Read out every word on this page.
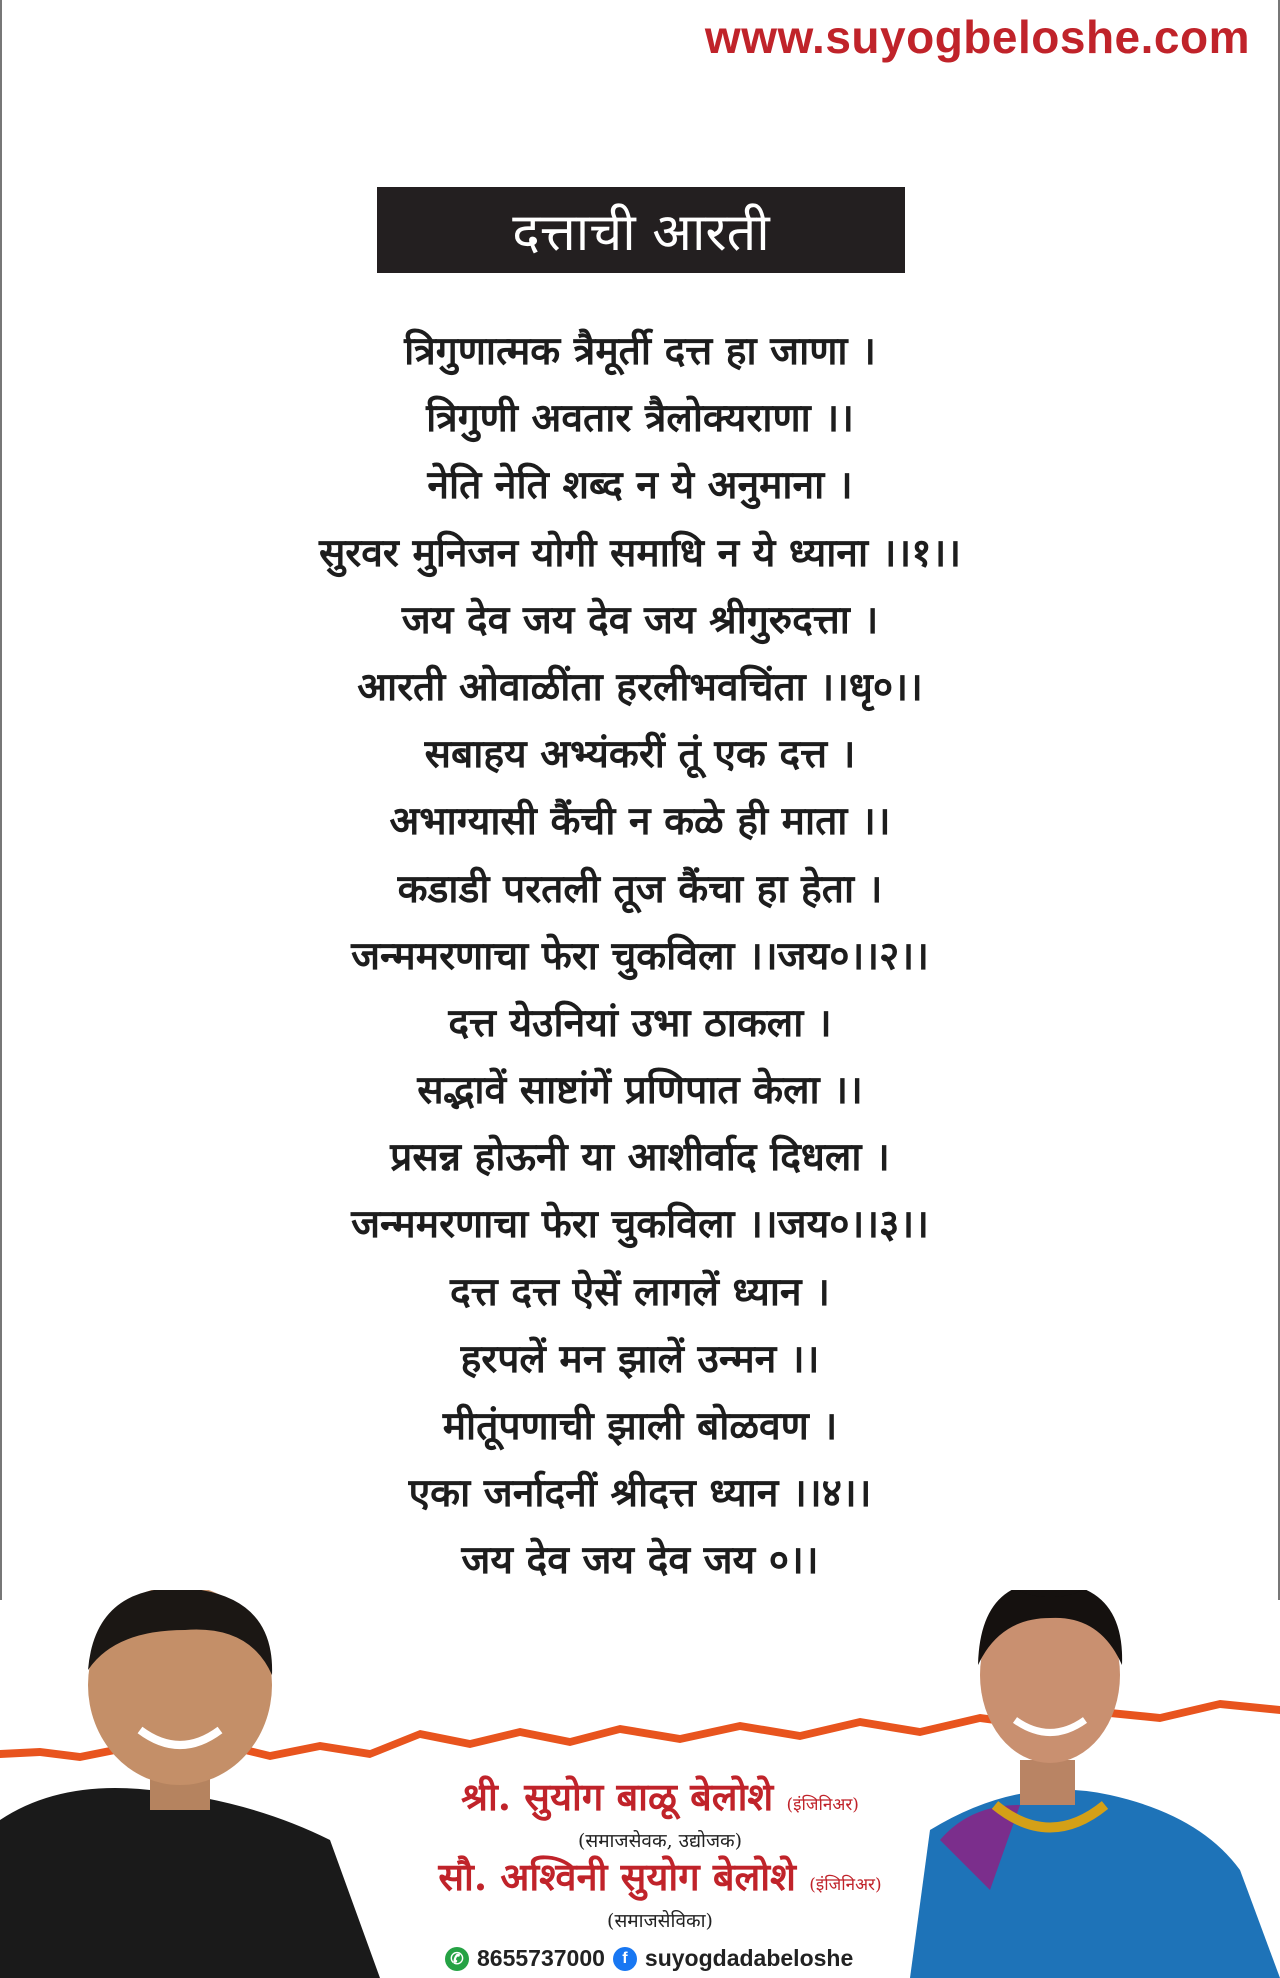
www.suyogbeloshe.com
दत्ताची आरती
त्रिगुणात्मक त्रैमूर्ती दत्त हा जाणा ।
त्रिगुणी अवतार त्रैलोक्यराणा ।।
नेति नेति शब्द न ये अनुमाना ।
सुरवर मुनिजन योगी समाधि न ये ध्याना ।।१।।
जय देव जय देव जय श्रीगुरुदत्ता ।
आरती ओवाळींता हरलीभवचिंता ।।धृ०।।
सबाहय अभ्यंकरीं तूं एक दत्त ।
अभाग्यासी कैंची न कळे ही माता ।।
कडाडी परतली तूज कैंचा हा हेता ।
जन्ममरणाचा फेरा चुकविला ।।जय०।।२।।
दत्त येउनियां उभा ठाकला ।
सद्भावें साष्टांगें प्रणिपात केला ।।
प्रसन्न होऊनी या आशीर्वाद दिधला ।
जन्ममरणाचा फेरा चुकविला ।।जय०।।३।।
दत्त दत्त ऐसें लागलें ध्यान ।
हरपलें मन झालें उन्मन ।।
मीतूंपणाची झाली बोळवण ।
एका जर्नादनीं श्रीदत्त ध्यान ।।४।।
जय देव जय देव जय ०।।
श्री. सुयोग बाळू बेलोशे (इंजिनिअर)
(समाजसेवक, उद्योजक)
सौ. अश्विनी सुयोग बेलोशे (इंजिनिअर)
(समाजसेविका)
✆ 8655737000	f suyogdadabeloshe
